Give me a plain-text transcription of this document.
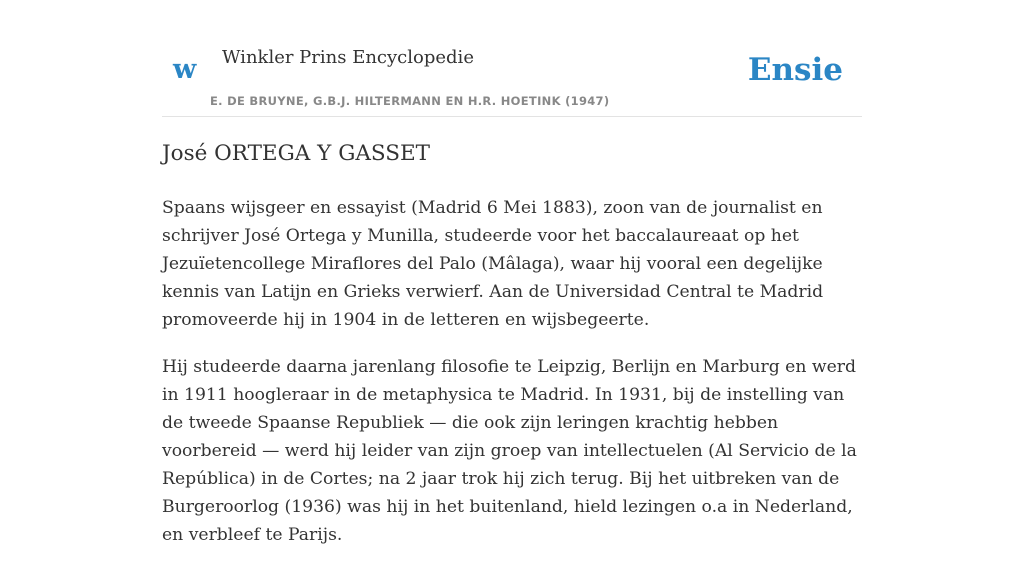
w Winkler Prins Encyclopedie
E. DE BRUYNE, G.B.J. HILTERMANN EN H.R. HOETINK (1947)
Ensie
José ORTEGA Y GASSET

Spaans wijsgeer en essayist (Madrid 6 Mei 1883), zoon van de journalist en schrijver José Ortega y Munilla, studeerde voor het baccalaureaat op het Jezuïetencollege Miraflores del Palo (Mâlaga), waar hij vooral een degelijke kennis van Latijn en Grieks verwierf. Aan de Universidad Central te Madrid promoveerde hij in 1904 in de letteren en wijsbegeerte.

Hij studeerde daarna jarenlang filosofie te Leipzig, Berlijn en Marburg en werd in 1911 hoogleraar in de metaphysica te Madrid. In 1931, bij de instelling van de tweede Spaanse Republiek — die ook zijn leringen krachtig hebben voorbereid — werd hij leider van zijn groep van intellectuelen (Al Servicio de la República) in de Cortes; na 2 jaar trok hij zich terug. Bij het uitbreken van de Burgeroorlog (1936) was hij in het buitenland, hield lezingen o.a in Nederland, en verbleef te Parijs.
